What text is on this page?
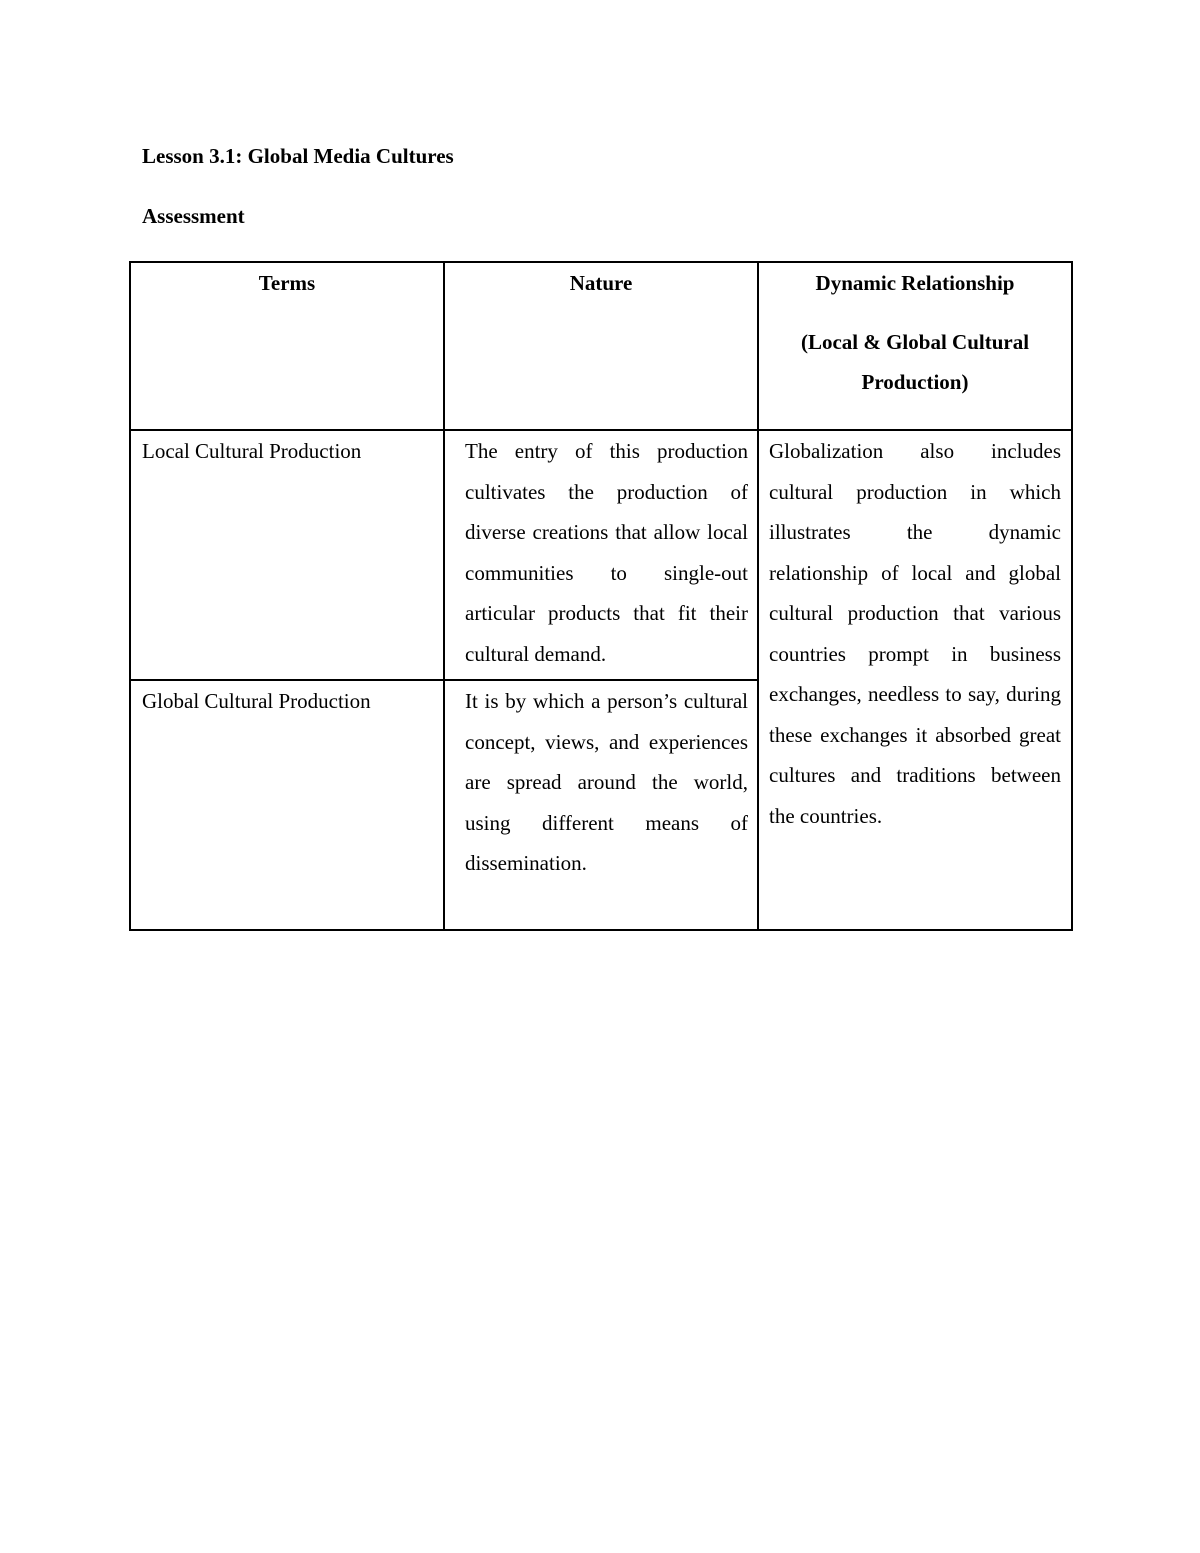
Lesson 3.1: Global Media Cultures
Assessment
Terms	Nature	Dynamic Relationship
(Local & Global Cultural Production)
Local Cultural Production	The entry of this production cultivates the production of diverse creations that allow local communities to single-out articular products that fit their cultural demand.	Globalization also includes cultural production in which illustrates the dynamic relationship of local and global cultural production that various countries prompt in business exchanges, needless to say, during these exchanges it absorbed great cultures and traditions between the countries.
Global Cultural Production	It is by which a person’s cultural concept, views, and experiences are spread around the world, using different means of dissemination.	
